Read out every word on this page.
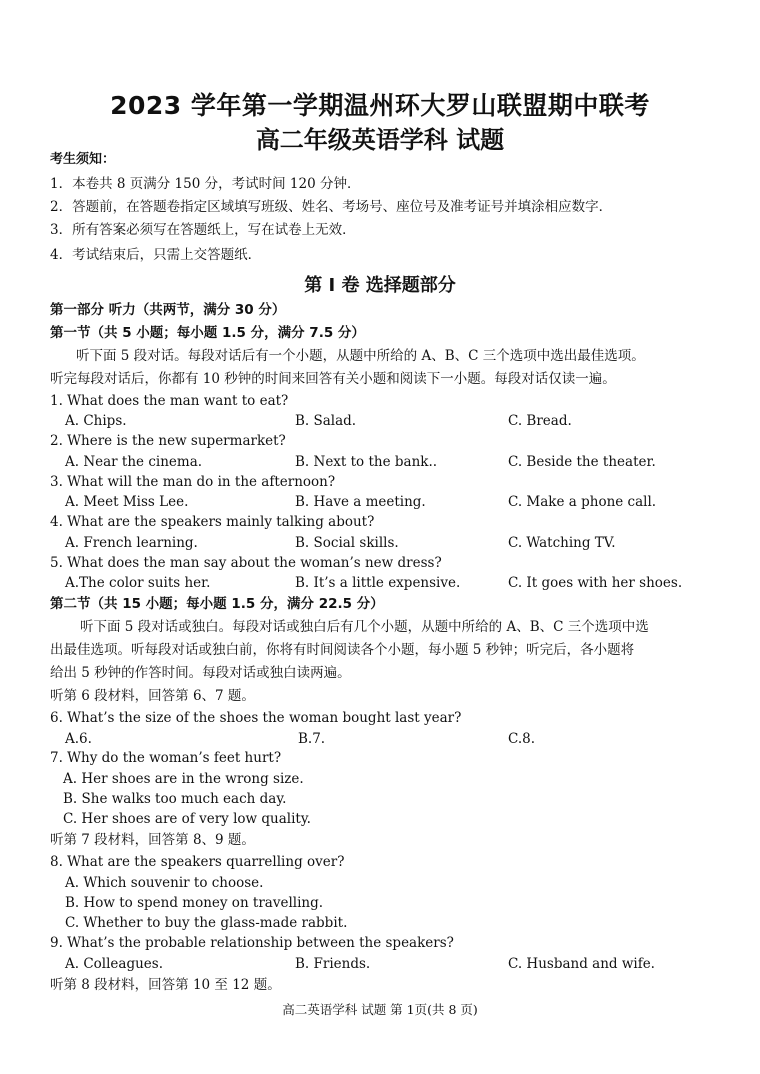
2023 学年第一学期温州环大罗山联盟期中联考
高二年级英语学科 试题
考生须知：
1．本卷共 8 页满分 150 分，考试时间 120 分钟．
2．答题前，在答题卷指定区域填写班级、姓名、考场号、座位号及准考证号并填涂相应数字．
3．所有答案必须写在答题纸上，写在试卷上无效．
4．考试结束后，只需上交答题纸．
第 I 卷 选择题部分
第一部分 听力（共两节，满分 30 分）
第一节（共 5 小题；每小题 1.5 分，满分 7.5 分）
听下面 5 段对话。每段对话后有一个小题，从题中所给的 A、B、C 三个选项中选出最佳选项。
听完每段对话后，你都有 10 秒钟的时间来回答有关小题和阅读下一小题。每段对话仅读一遍。
1. What does the man want to eat?
A. Chips.	B. Salad.	C. Bread.
2. Where is the new supermarket?
A. Near the cinema.	B. Next to the bank..	C. Beside the theater.
3. What will the man do in the afternoon?
A. Meet Miss Lee.	B. Have a meeting.	C. Make a phone call.
4. What are the speakers mainly talking about?
A. French learning.	B. Social skills.	C. Watching TV.
5. What does the man say about the woman’s new dress?
A.The color suits her.	B. It’s a little expensive.	C. It goes with her shoes.
第二节（共 15 小题；每小题 1.5 分，满分 22.5 分）
听下面 5 段对话或独白。每段对话或独白后有几个小题，从题中所给的 A、B、C 三个选项中选
出最佳选项。听每段对话或独白前，你将有时间阅读各个小题，每小题 5 秒钟；听完后，各小题将
给出 5 秒钟的作答时间。每段对话或独白读两遍。
听第 6 段材料，回答第 6、7 题。
6. What’s the size of the shoes the woman bought last year?
A.6.	B.7.	C.8.
7. Why do the woman’s feet hurt?
A. Her shoes are in the wrong size.
B. She walks too much each day.
C. Her shoes are of very low quality.
听第 7 段材料，回答第 8、9 题。
8. What are the speakers quarrelling over?
A. Which souvenir to choose.
B. How to spend money on travelling.
C. Whether to buy the glass-made rabbit.
9. What’s the probable relationship between the speakers?
A. Colleagues.	B. Friends.	C. Husband and wife.
听第 8 段材料，回答第 10 至 12 题。
高二英语学科 试题 第 1页(共 8 页)
